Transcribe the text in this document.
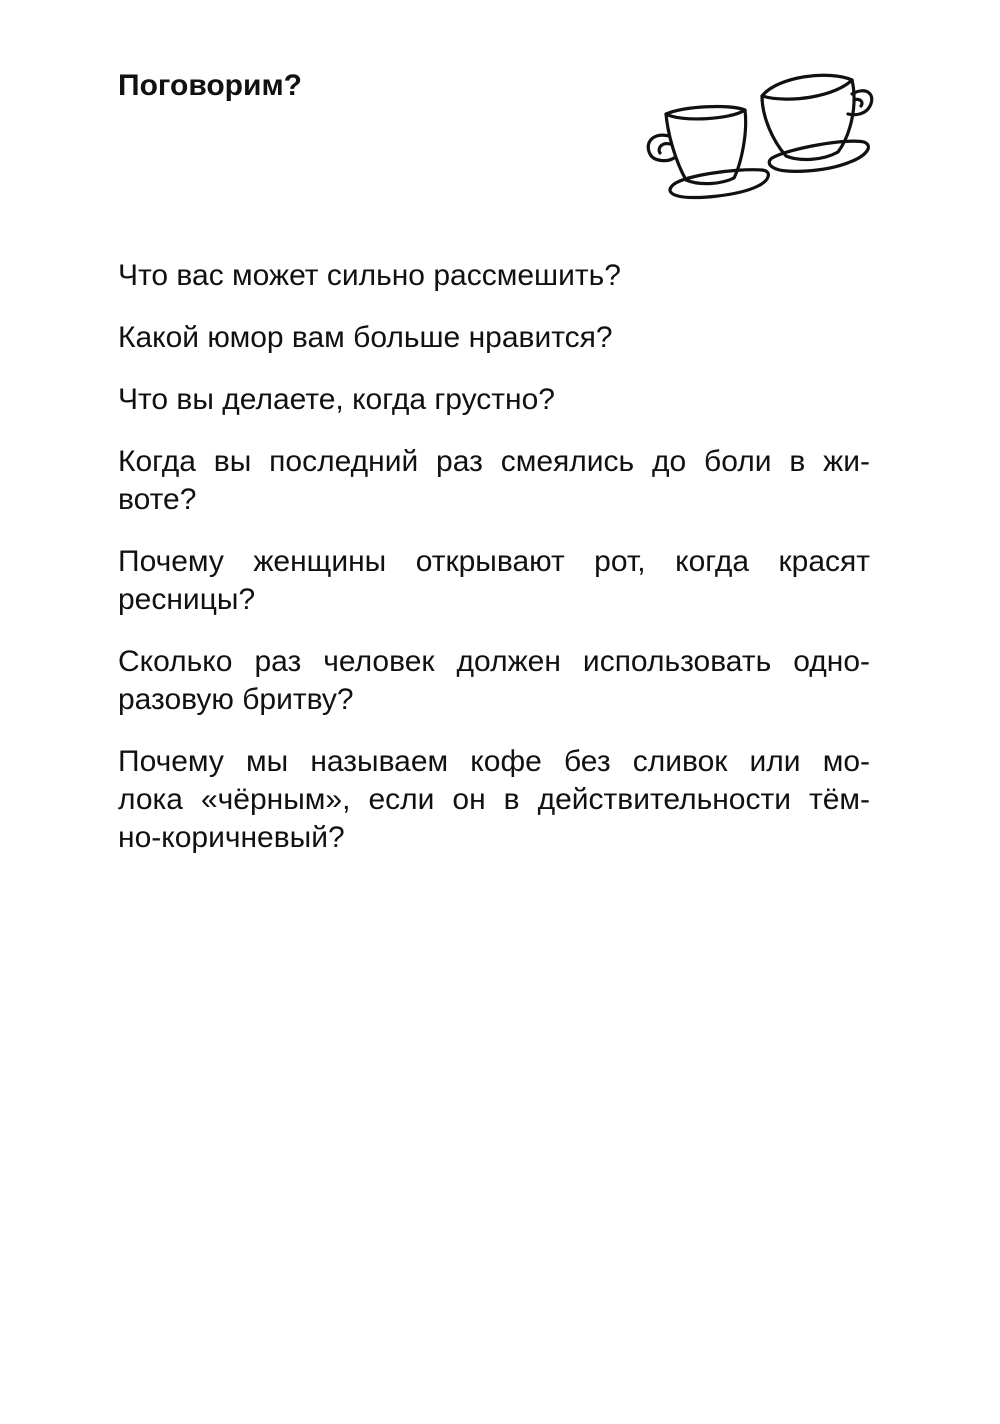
Поговорим?
Что вас может сильно рассмешить?
Какой юмор вам больше нравится?
Что вы делаете, когда грустно?
Когда вы последний раз смеялись до боли в жи-
воте?
Почему женщины открывают рот, когда красят
ресницы?
Сколько раз человек должен использовать одно-
разовую бритву?
Почему мы называем кофе без сливок или мо-
лока «чёрным», если он в действительности тём-
но-коричневый?
